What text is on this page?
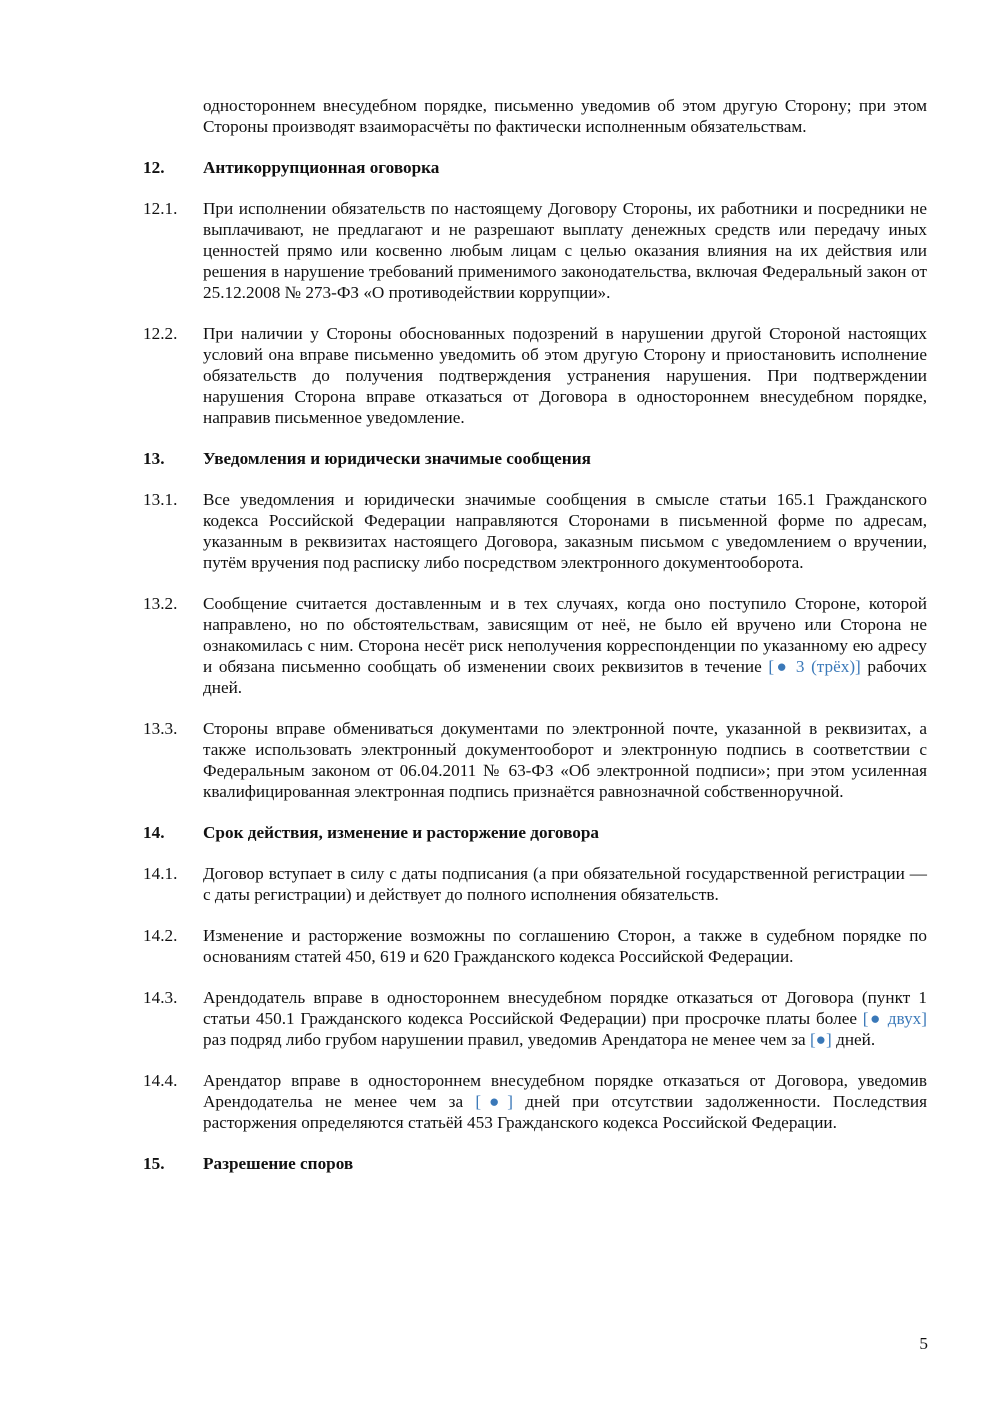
одностороннем внесудебном порядке, письменно уведомив об этом другую Сторону; при этом Стороны производят взаиморасчёты по фактически исполненным обязательствам.
12.	Антикоррупционная оговорка
12.1.	При исполнении обязательств по настоящему Договору Стороны, их работники и посредники не выплачивают, не предлагают и не разрешают выплату денежных средств или передачу иных ценностей прямо или косвенно любым лицам с целью оказания влияния на их действия или решения в нарушение требований применимого законодательства, включая Федеральный закон от 25.12.2008 № 273-ФЗ «О противодействии коррупции».
12.2.	При наличии у Стороны обоснованных подозрений в нарушении другой Стороной настоящих условий она вправе письменно уведомить об этом другую Сторону и приостановить исполнение обязательств до получения подтверждения устранения нарушения. При подтверждении нарушения Сторона вправе отказаться от Договора в одностороннем внесудебном порядке, направив письменное уведомление.
13.	Уведомления и юридически значимые сообщения
13.1.	Все уведомления и юридически значимые сообщения в смысле статьи 165.1 Гражданского кодекса Российской Федерации направляются Сторонами в письменной форме по адресам, указанным в реквизитах настоящего Договора, заказным письмом с уведомлением о вручении, путём вручения под расписку либо посредством электронного документооборота.
13.2.	Сообщение считается доставленным и в тех случаях, когда оно поступило Стороне, которой направлено, но по обстоятельствам, зависящим от неё, не было ей вручено или Сторона не ознакомилась с ним. Сторона несёт риск неполучения корреспонденции по указанному ею адресу и обязана письменно сообщать об изменении своих реквизитов в течение [● 3 (трёх)] рабочих дней.
13.3.	Стороны вправе обмениваться документами по электронной почте, указанной в реквизитах, а также использовать электронный документооборот и электронную подпись в соответствии с Федеральным законом от 06.04.2011 № 63-ФЗ «Об электронной подписи»; при этом усиленная квалифицированная электронная подпись признаётся равнозначной собственноручной.
14.	Срок действия, изменение и расторжение договора
14.1.	Договор вступает в силу с даты подписания (а при обязательной государственной регистрации — с даты регистрации) и действует до полного исполнения обязательств.
14.2.	Изменение и расторжение возможны по соглашению Сторон, а также в судебном порядке по основаниям статей 450, 619 и 620 Гражданского кодекса Российской Федерации.
14.3.	Арендодатель вправе в одностороннем внесудебном порядке отказаться от Договора (пункт 1 статьи 450.1 Гражданского кодекса Российской Федерации) при просрочке платы более [● двух] раз подряд либо грубом нарушении правил, уведомив Арендатора не менее чем за [●] дней.
14.4.	Арендатор вправе в одностороннем внесудебном порядке отказаться от Договора, уведомив Арендодательа не менее чем за [●] дней при отсутствии задолженности. Последствия расторжения определяются статьёй 453 Гражданского кодекса Российской Федерации.
15.	Разрешение споров
5
